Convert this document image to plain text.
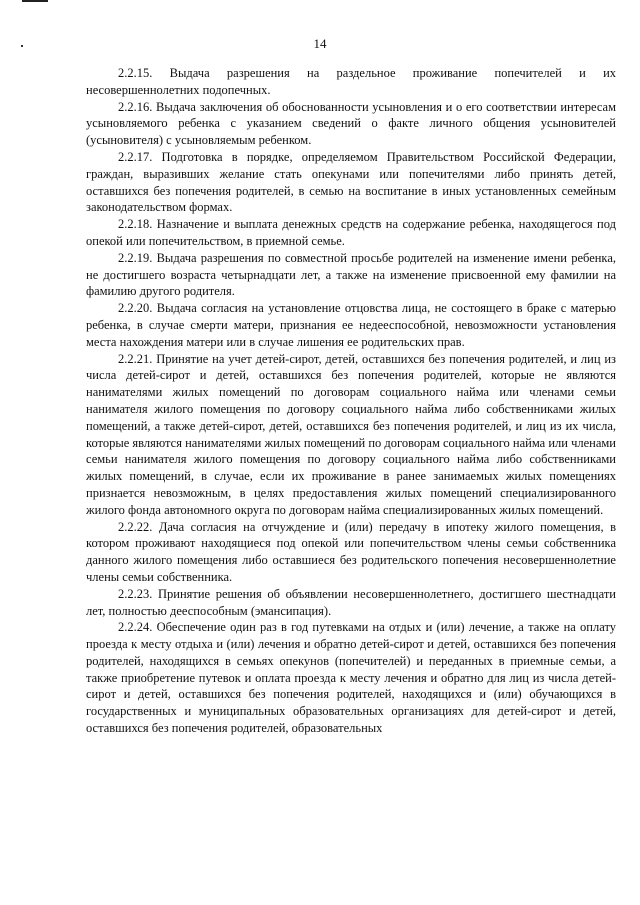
14

2.2.15. Выдача разрешения на раздельное проживание попечителей и их несовершеннолетних подопечных.

2.2.16. Выдача заключения об обоснованности усыновления и о его соответствии интересам усыновляемого ребенка с указанием сведений о факте личного общения усыновителей (усыновителя) с усыновляемым ребенком.

2.2.17. Подготовка в порядке, определяемом Правительством Российской Федерации, граждан, выразивших желание стать опекунами или попечителями либо принять детей, оставшихся без попечения родителей, в семью на воспитание в иных установленных семейным законодательством формах.

2.2.18. Назначение и выплата денежных средств на содержание ребенка, находящегося под опекой или попечительством, в приемной семье.

2.2.19. Выдача разрешения по совместной просьбе родителей на изменение имени ребенка, не достигшего возраста четырнадцати лет, а также на изменение присвоенной ему фамилии на фамилию другого родителя.

2.2.20. Выдача согласия на установление отцовства лица, не состоящего в браке с матерью ребенка, в случае смерти матери, признания ее недееспособной, невозможности установления места нахождения матери или в случае лишения ее родительских прав.

2.2.21. Принятие на учет детей-сирот, детей, оставшихся без попечения родителей, и лиц из числа детей-сирот и детей, оставшихся без попечения родителей, которые не являются нанимателями жилых помещений по договорам социального найма или членами семьи нанимателя жилого помещения по договору социального найма либо собственниками жилых помещений, а также детей-сирот, детей, оставшихся без попечения родителей, и лиц из их числа, которые являются нанимателями жилых помещений по договорам социального найма или членами семьи нанимателя жилого помещения по договору социального найма либо собственниками жилых помещений, в случае, если их проживание в ранее занимаемых жилых помещениях признается невозможным, в целях предоставления жилых помещений специализированного жилого фонда автономного округа по договорам найма специализированных жилых помещений.

2.2.22. Дача согласия на отчуждение и (или) передачу в ипотеку жилого помещения, в котором проживают находящиеся под опекой или попечительством члены семьи собственника данного жилого помещения либо оставшиеся без родительского попечения несовершеннолетние члены семьи собственника.

2.2.23. Принятие решения об объявлении несовершеннолетнего, достигшего шестнадцати лет, полностью дееспособным (эмансипация).

2.2.24. Обеспечение один раз в год путевками на отдых и (или) лечение, а также на оплату проезда к месту отдыха и (или) лечения и обратно детей-сирот и детей, оставшихся без попечения родителей, находящихся в семьях опекунов (попечителей) и переданных в приемные семьи, а также приобретение путевок и оплата проезда к месту лечения и обратно для лиц из числа детей-сирот и детей, оставшихся без попечения родителей, находящихся и (или) обучающихся в государственных и муниципальных образовательных организациях для детей-сирот и детей, оставшихся без попечения родителей, образовательных
